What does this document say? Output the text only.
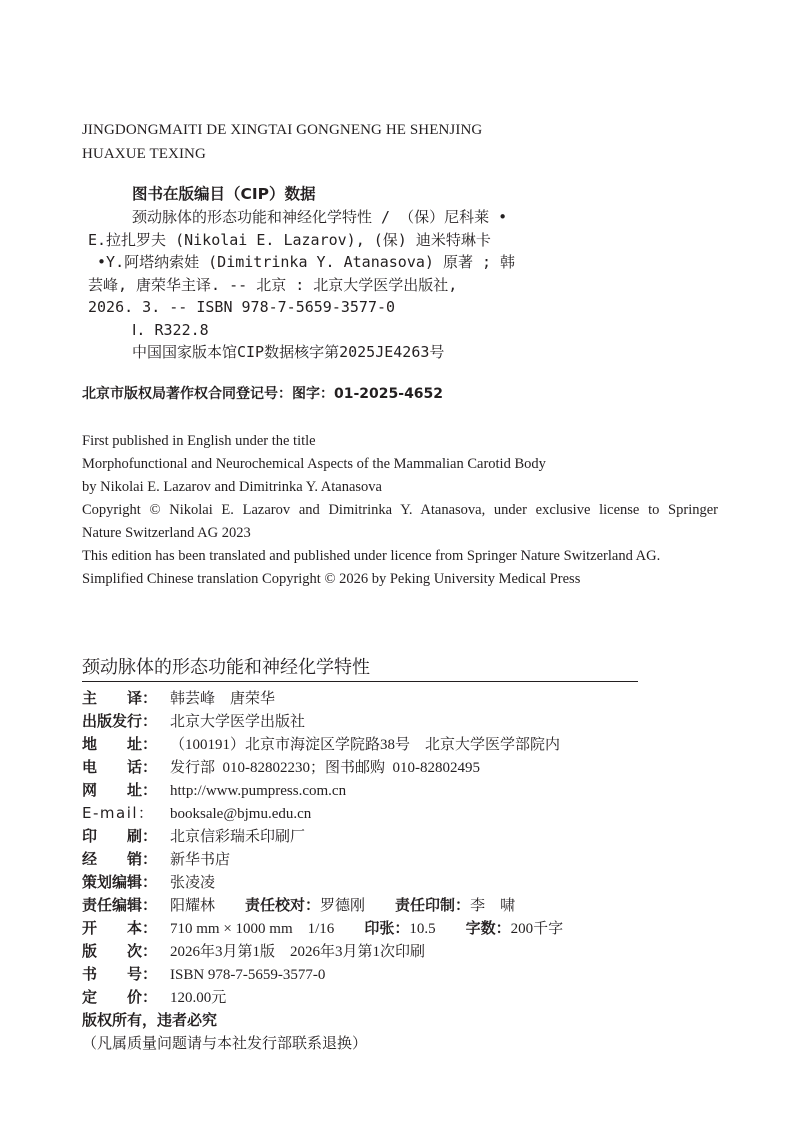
JINGDONGMAITI DE XINGTAI GONGNENG HE SHENJING
HUAXUE TEXING
图书在版编目（CIP）数据
颈动脉体的形态功能和神经化学特性 / （保）尼科莱 •
E.拉扎罗夫 (Nikolai E. Lazarov), (保) 迪米特琳卡
•Y.阿塔纳索娃 (Dimitrinka Y. Atanasova) 原著 ; 韩
芸峰, 唐荣华主译. -- 北京 : 北京大学医学出版社,
2026. 3. -- ISBN 978-7-5659-3577-0
Ⅰ. R322.8
中国国家版本馆CIP数据核字第2025JE4263号
北京市版权局著作权合同登记号：图字：01-2025-4652
First published in English under the title
Morphofunctional and Neurochemical Aspects of the Mammalian Carotid Body
by Nikolai E. Lazarov and Dimitrinka Y. Atanasova
Copyright © Nikolai E. Lazarov and Dimitrinka Y. Atanasova, under exclusive license to Springer
Nature Switzerland AG 2023
This edition has been translated and published under licence from Springer Nature Switzerland AG.
Simplified Chinese translation Copyright © 2026 by Peking University Medical Press
颈动脉体的形态功能和神经化学特性
主　　译： 韩芸峰　唐荣华
出版发行： 北京大学医学出版社
地　　址： （100191）北京市海淀区学院路38号　北京大学医学部院内
电　　话： 发行部  010-82802230；图书邮购  010-82802495
网　　址： http://www.pumpress.com.cn
E-mail：	booksale@bjmu.edu.cn
印　　刷： 北京信彩瑞禾印刷厂
经　　销： 新华书店
策划编辑： 张凌凌
责任编辑： 阳耀林 责任校对： 罗德刚 责任印制： 李　啸
开　　本： 710 mm × 1000 mm　1/16 印张： 10.5 字数： 200千字
版　　次： 2026年3月第1版　2026年3月第1次印刷
书　　号： ISBN 978-7-5659-3577-0
定　　价： 120.00元
版权所有，违者必究
（凡属质量问题请与本社发行部联系退换）
